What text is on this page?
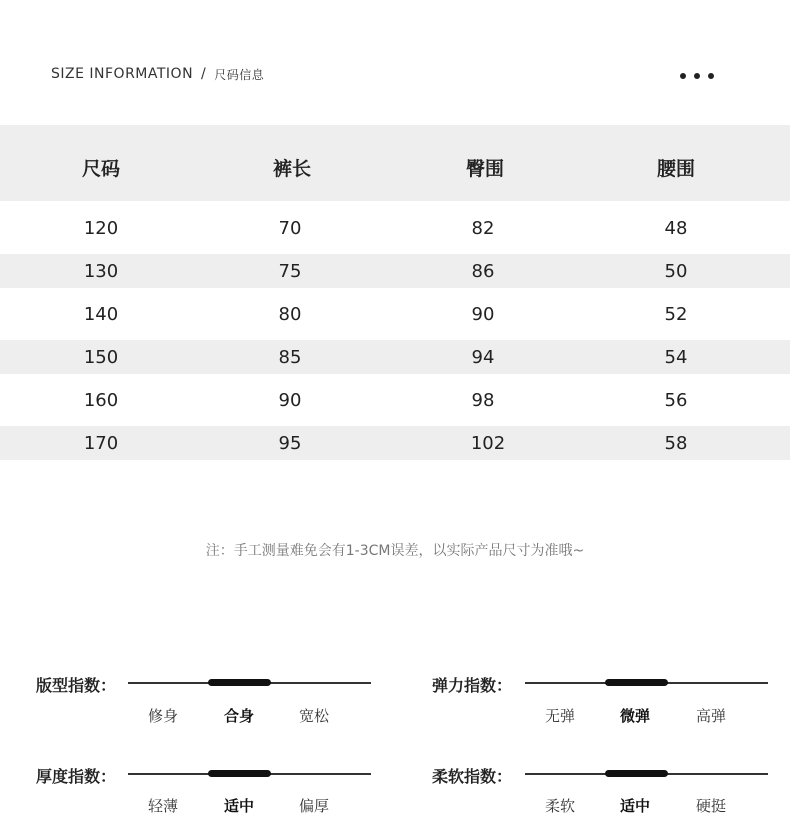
SIZE INFORMATION / 尺码信息
尺码	裤长	臀围	腰围
120	70	82	48
130	75	86	50
140	80	90	52
150	85	94	54
160	90	98	56
170	95	102	58
注：手工测量难免会有1-3CM误差，以实际产品尺寸为准哦~
版型指数：
修身	合身	宽松
弹力指数：
无弹	微弹	高弹
厚度指数：
轻薄	适中	偏厚
柔软指数：
柔软	适中	硬挺
